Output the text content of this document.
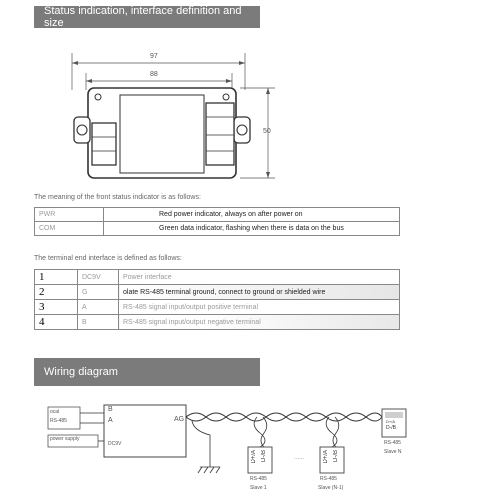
Status indication, interface definition and size
97
88
50
The meaning of the front status indicator is as follows:
PWR	Red power indicator, always on after power on
COM	Green data indicator, flashing when there is data on the bus
The terminal end interface is defined as follows:
1	DC9V	Power interface
2	G	olate RS-485 terminal ground, connect to ground or shielded wire
3	A	RS-485 signal input/output positive terminal
4	B	RS-485 signal input/output negative terminal
Wiring diagram
ocal
RS-485
power supply
B
A	AG
DC9V
D+/A D-/B
RS-485
Slave 1
......	D+/A D-/B
RS-485
Slave (N-1)
D+/A
D-/B
RS-485
Slave N
